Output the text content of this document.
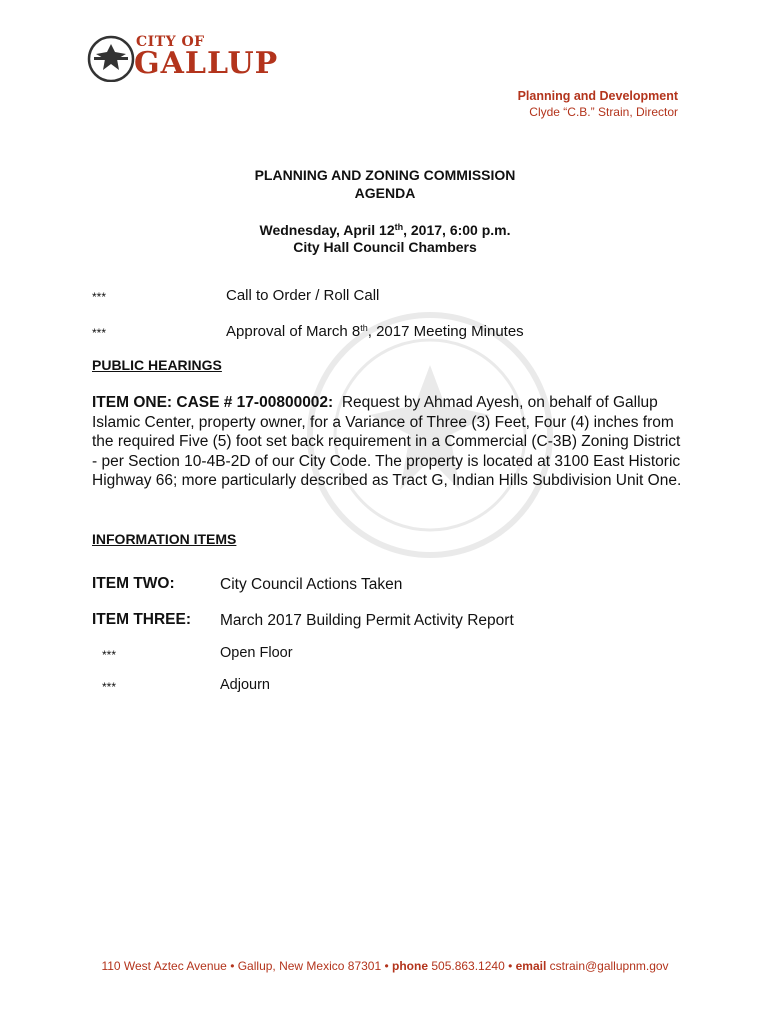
CITY OF
GALLUP
Planning and Development
Clyde “C.B.” Strain, Director
PLANNING AND ZONING COMMISSION
AGENDA
Wednesday, April 12th, 2017, 6:00 p.m.
City Hall Council Chambers
***	Call to Order / Roll Call
***	Approval of March 8th, 2017 Meeting Minutes
PUBLIC HEARINGS
ITEM ONE: CASE # 17-00800002: Request by Ahmad Ayesh, on behalf of Gallup Islamic Center, property owner, for a Variance of Three (3) Feet, Four (4) inches from the required Five (5) foot set back requirement in a Commercial (C-3B) Zoning District - per Section 10-4B-2D of our City Code. The property is located at 3100 East Historic Highway 66; more particularly described as Tract G, Indian Hills Subdivision Unit One.
INFORMATION ITEMS
ITEM TWO:	City Council Actions Taken
ITEM THREE: March 2017 Building Permit Activity Report
***	Open Floor
***	Adjourn
110 West Aztec Avenue • Gallup, New Mexico 87301 • phone 505.863.1240 • email cstrain@gallupnm.gov
